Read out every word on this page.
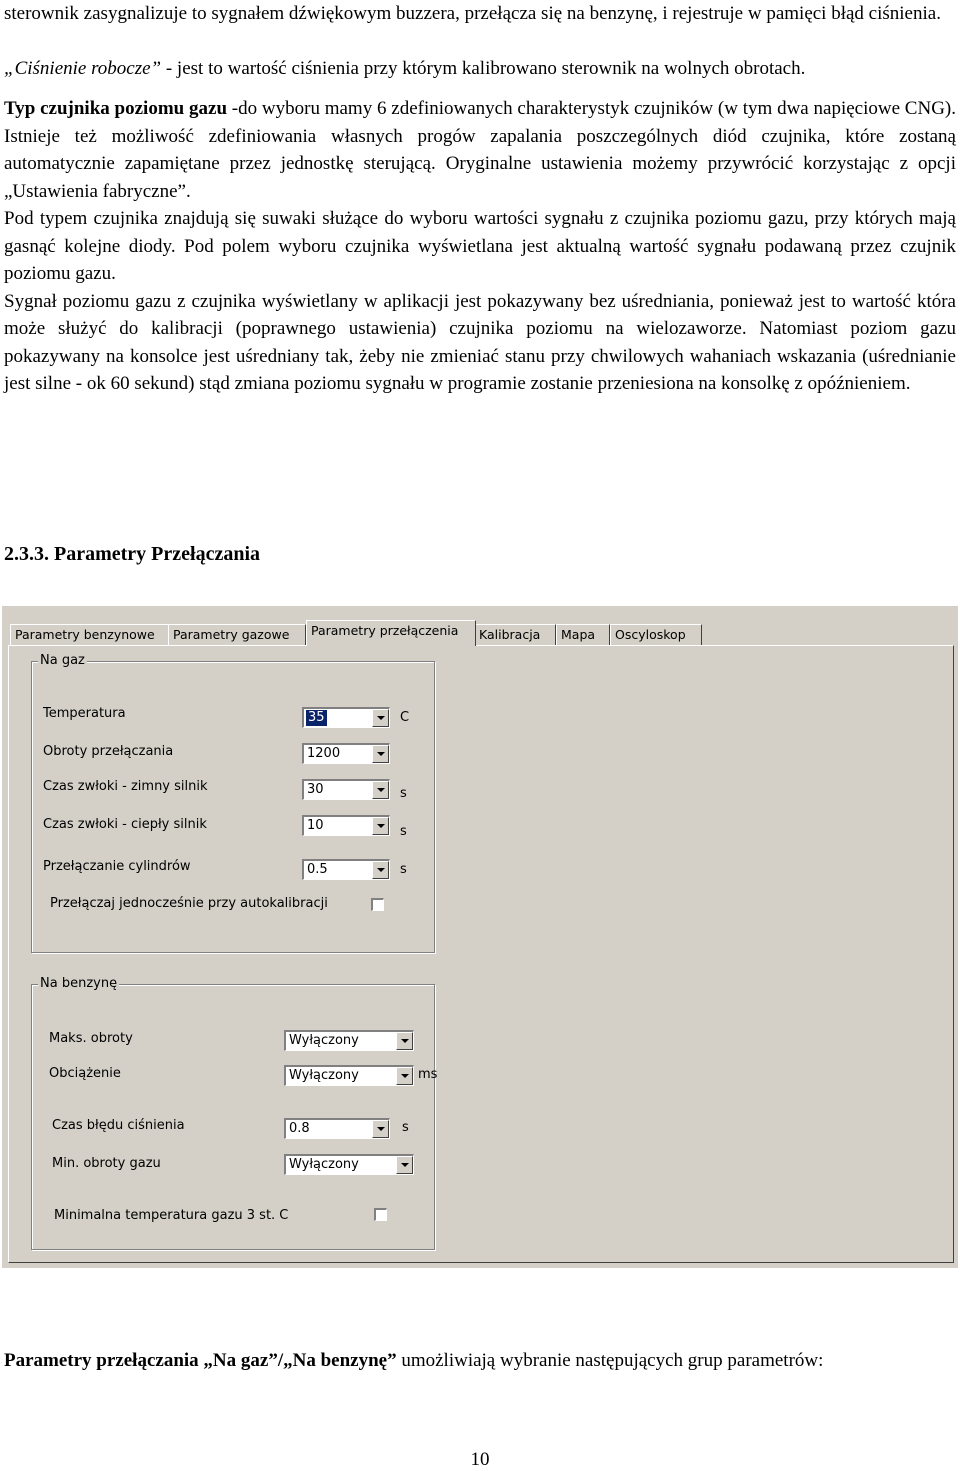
sterownik zasygnalizuje to sygnałem dźwiękowym buzzera, przełącza się na benzynę, i rejestruje w pamięci błąd ciśnienia.

„Ciśnienie robocze” - jest to wartość ciśnienia przy którym kalibrowano sterownik na wolnych obrotach.

Typ czujnika poziomu gazu -do wyboru mamy 6 zdefiniowanych charakterystyk czujników (w tym dwa napięciowe CNG). Istnieje też możliwość zdefiniowania własnych progów zapalania poszczególnych diód czujnika, które zostaną automatycznie zapamiętane przez jednostkę sterującą. Oryginalne ustawienia możemy przywrócić korzystając z opcji „Ustawienia fabryczne”.

Pod typem czujnika znajdują się suwaki służące do wyboru wartości sygnału z czujnika poziomu gazu, przy których mają gasnąć kolejne diody. Pod polem wyboru czujnika wyświetlana jest aktualną wartość sygnału podawaną przez czujnik poziomu gazu.

Sygnał poziomu gazu z czujnika wyświetlany w aplikacji jest pokazywany bez uśredniania, ponieważ jest to wartość która może służyć do kalibracji (poprawnego ustawienia) czujnika poziomu na wielozaworze. Natomiast poziom gazu pokazywany na konsolce jest uśredniany tak, żeby nie zmieniać stanu przy chwilowych wahaniach wskazania (uśrednianie jest silne - ok 60 sekund) stąd zmiana poziomu sygnału w programie zostanie przeniesiona na konsolkę z opóźnieniem.

2.3.3. Parametry Przełączania
Parametry benzynowe	Parametry gazowe	Parametry przełączenia	Kalibracja	Mapa	Oscyloskop
Na gaz
Temperatura	35	C
Obroty przełączania	1200
Czas zwłoki - zimny silnik	30	s
Czas zwłoki - ciepły silnik	10	s
Przełączanie cylindrów	0.5	s
Przełączaj jednocześnie przy autokalibracji
Na benzynę
Maks. obroty	Wyłączony
Obciążenie	Wyłączony	ms
Czas błędu ciśnienia	0.8	s
Min. obroty gazu	Wyłączony
Minimalna temperatura gazu 3 st. C
Parametry przełączania „Na gaz”/„Na benzynę” umożliwiają wybranie następujących grup parametrów:
10
